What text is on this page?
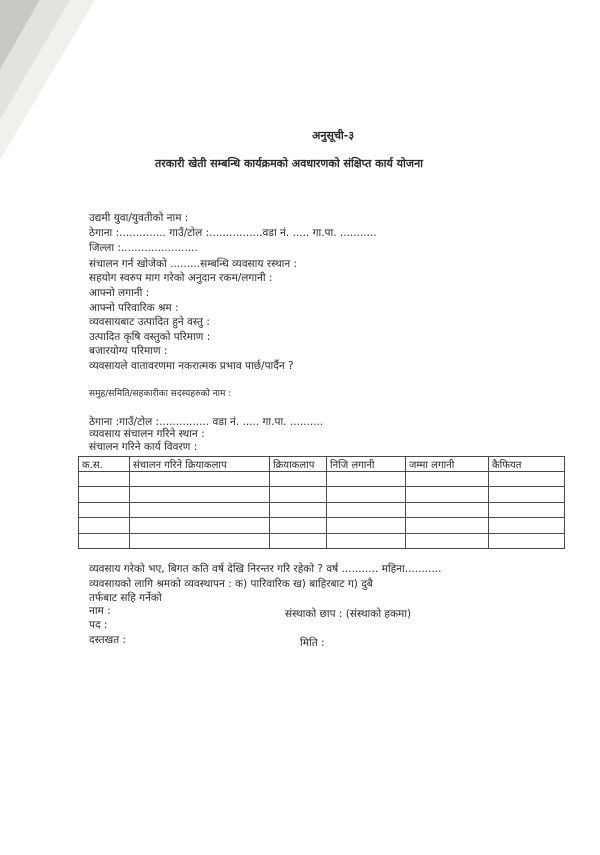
अनुसूची-३
तरकारी खेती सम्बन्धि कार्यक्रमको अवधारणको संक्षिप्त कार्य योजना
उद्यमी युवा/युवतीको नाम :
ठेगाना :.............. गाउँ/टोल :................वडा नं. ..... गा.पा. ...........
जिल्ला :.......................
संचालन गर्न खोजेको .........सम्बन्धि व्यवसाय रस्थान :
सहयोग स्वरुप माग गरेको अनुदान रकम/लगानी :
आफ्नो लगानी :
आफ्नो परिवारिक श्रम :
व्यवसायबाट उत्पादित हुने वस्तु :
उत्पादित कृषि वस्तुको परिमाण :
बजारयोग्य परिमाण :
व्यवसायले वातावरणमा नकरात्मक प्रभाव पार्छ/पार्दैन ?
समुह/समिति/सहकारीका सदस्यहरुको नाम :
ठेगाना :गाउँ/टोल :............... वडा नं. ..... गा.पा. ..........
व्यवसाय संचालन गरिने स्थान :
संचालन गरिने कार्य विवरण :
क.स.	संचालन गरिने क्रियाकलाप	क्रियाकलाप	निजि लगानी	जम्मा लगानी	कैफियत

व्यवसाय गरेको भए, बिगत कति वर्ष देखि निरन्तर गरि रहेको ? वर्ष ........... महिना...........
व्यवसायको लागि श्रमको व्यवस्थापन : क) पारिवारिक ख) बाहिरबाट ग) दुबै
तर्फबाट सहि गर्नेको
नाम :	संस्थाको छाप : (संस्थाको हकमा)
पद :
दस्तखत :	मिति :
